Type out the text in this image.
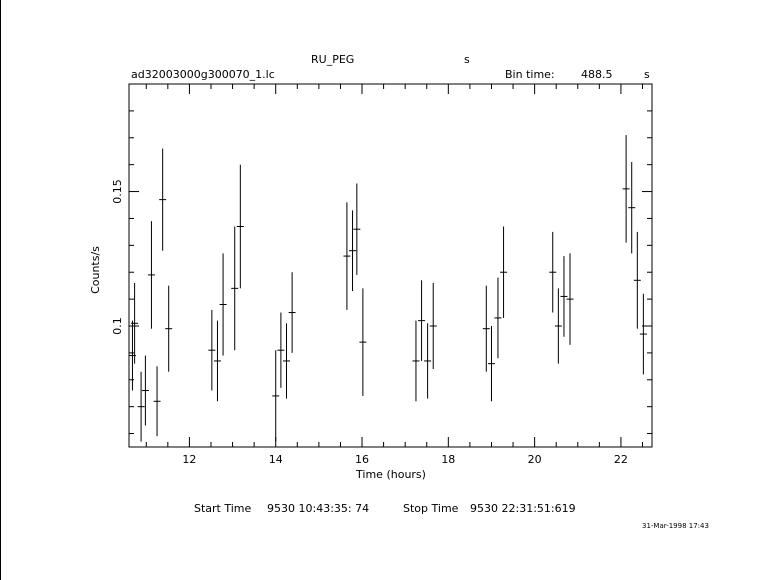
RU_PEG	s
ad32003000g300070_1.lc	Bin time: 488.5	s
12	14	16	18	20	22
0.1
0.15
Time (hours)
Counts/s
Start Time 9530 10:43:35: 74	Stop Time 9530 22:31:51:619
31-Mar-1998 17:43
